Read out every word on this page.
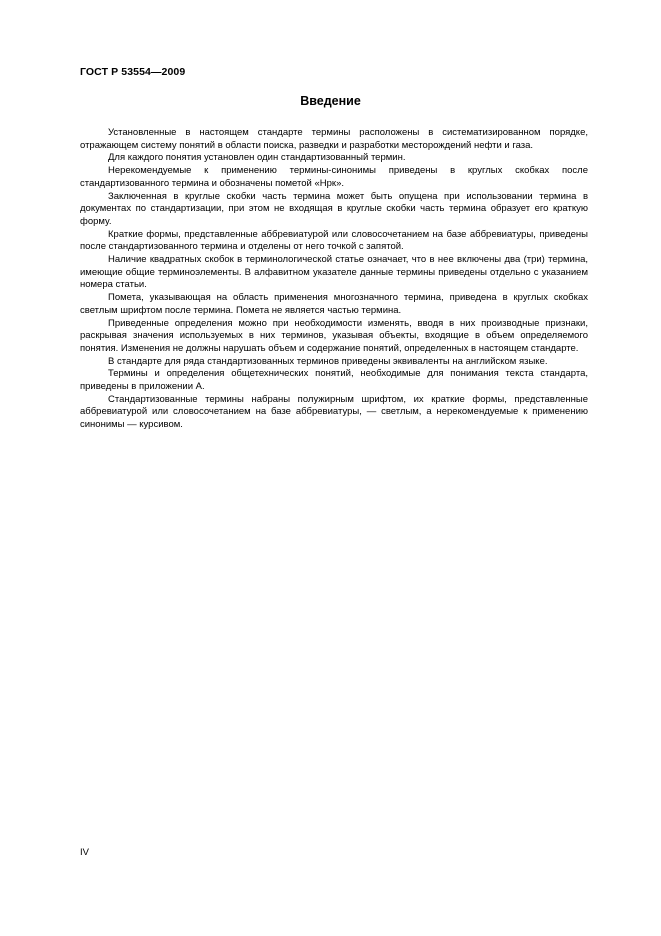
ГОСТ Р 53554—2009
Введение

Установленные в настоящем стандарте термины расположены в систематизированном порядке, отражающем систему понятий в области поиска, разведки и разработки месторождений нефти и газа.

Для каждого понятия установлен один стандартизованный термин.

Нерекомендуемые к применению термины-синонимы приведены в круглых скобках после стандартизованного термина и обозначены пометой «Нрк».

Заключенная в круглые скобки часть термина может быть опущена при использовании термина в документах по стандартизации, при этом не входящая в круглые скобки часть термина образует его краткую форму.

Краткие формы, представленные аббревиатурой или словосочетанием на базе аббревиатуры, приведены после стандартизованного термина и отделены от него точкой с запятой.

Наличие квадратных скобок в терминологической статье означает, что в нее включены два (три) термина, имеющие общие терминоэлементы. В алфавитном указателе данные термины приведены отдельно с указанием номера статьи.

Помета, указывающая на область применения многозначного термина, приведена в круглых скобках светлым шрифтом после термина. Помета не является частью термина.

Приведенные определения можно при необходимости изменять, вводя в них производные признаки, раскрывая значения используемых в них терминов, указывая объекты, входящие в объем определяемого понятия. Изменения не должны нарушать объем и содержание понятий, определенных в настоящем стандарте.

В стандарте для ряда стандартизованных терминов приведены эквиваленты на английском языке.

Термины и определения общетехнических понятий, необходимые для понимания текста стандарта, приведены в приложении А.

Стандартизованные термины набраны полужирным шрифтом, их краткие формы, представленные аббревиатурой или словосочетанием на базе аббревиатуры, — светлым, а нерекомендуемые к применению синонимы — курсивом.

IV
